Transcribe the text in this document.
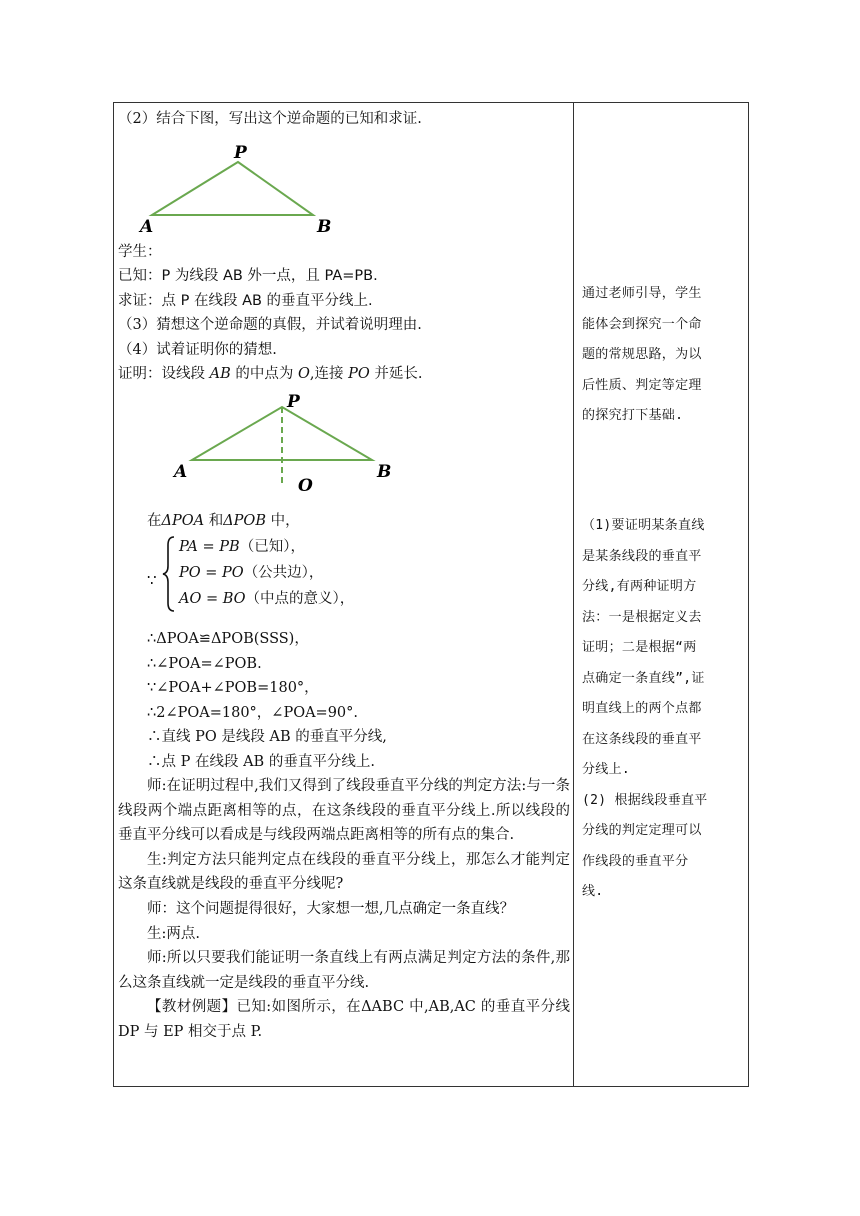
（2）结合下图，写出这个逆命题的已知和求证.

P
A	B

学生：

已知：P 为线段 AB 外一点，且 PA=PB.

求证：点 P 在线段 AB 的垂直平分线上.

（3）猜想这个逆命题的真假，并试着说明理由.

（4）试着证明你的猜想.

证明：设线段 AB 的中点为 O,连接 PO 并延长.

P
A	B
O

在ΔPOA 和ΔPOB 中，

∵
PA = PB（已知），
PO = PO（公共边），
AO = BO（中点的意义），

∴ΔPOA≌ΔPOB(SSS)，

∴∠POA=∠POB.

∵∠POA+∠POB=180°，

∴2∠POA=180°，∠POA=90°.

∴直线 PO 是线段 AB 的垂直平分线,

∴点 P 在线段 AB 的垂直平分线上.

师:在证明过程中,我们又得到了线段垂直平分线的判定方法:与一条线段两个端点距离相等的点，在这条线段的垂直平分线上.所以线段的垂直平分线可以看成是与线段两端点距离相等的所有点的集合.

生:判定方法只能判定点在线段的垂直平分线上，那怎么才能判定这条直线就是线段的垂直平分线呢?

师：这个问题提得很好，大家想一想,几点确定一条直线？

生:两点.

师:所以只要我们能证明一条直线上有两点满足判定方法的条件,那么这条直线就一定是线段的垂直平分线.

【教材例题】已知:如图所示，在ΔABC 中,AB,AC 的垂直平分线 DP 与 EP 相交于点 P.

通过老师引导，学生

能体会到探究一个命

题的常规思路，为以

后性质、判定等定理

的探究打下基础.

（1)要证明某条直线

是某条线段的垂直平

分线,有两种证明方

法：一是根据定义去

证明；二是根据“两

点确定一条直线”,证

明直线上的两个点都

在这条线段的垂直平

分线上.

(2) 根据线段垂直平

分线的判定定理可以

作线段的垂直平分

线.
